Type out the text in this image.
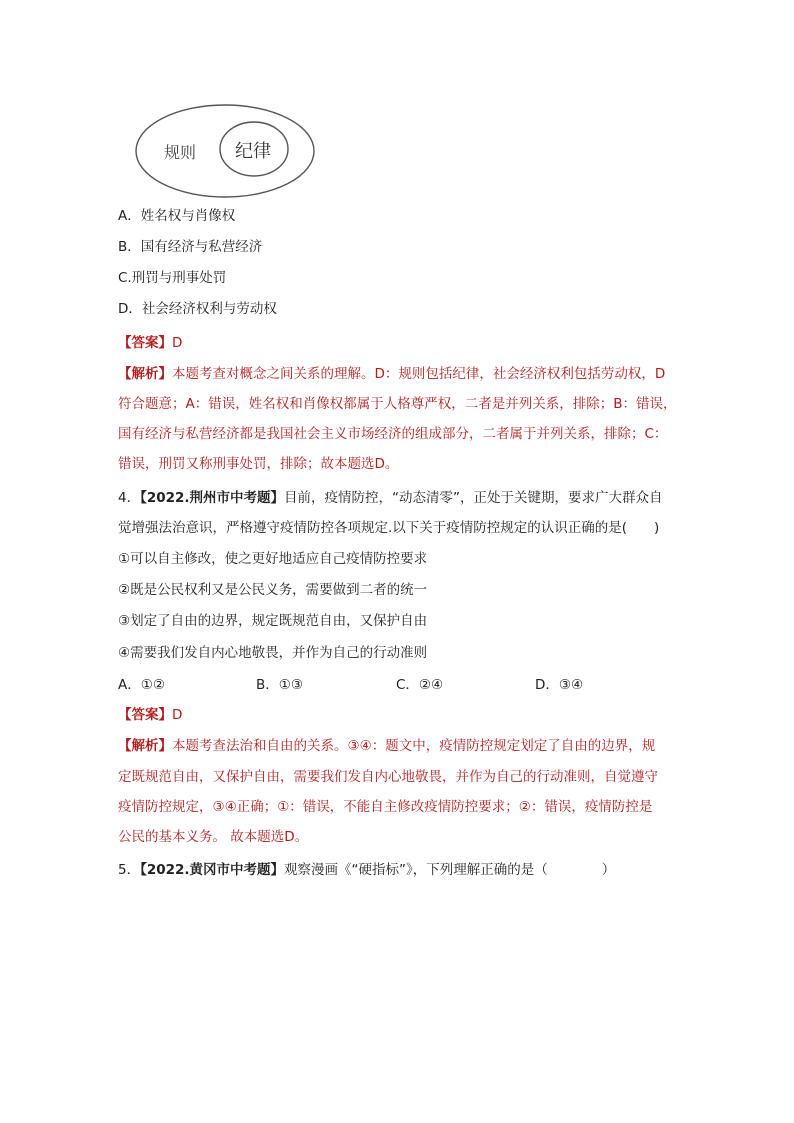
规则 纪律
A．姓名权与肖像权
B．国有经济与私营经济
C.刑罚与刑事处罚
D．社会经济权利与劳动权
【答案】D
【解析】本题考查对概念之间关系的理解。D：规则包括纪律，社会经济权利包括劳动权，D
符合题意；A：错误，姓名权和肖像权都属于人格尊严权，二者是并列关系，排除；B：错误，
国有经济与私营经济都是我国社会主义市场经济的组成部分，二者属于并列关系，排除；C：
错误，刑罚又称刑事处罚，排除；故本题选D。
4．【2022.荆州市中考题】目前，疫情防控，“动态清零”，正处于关键期，要求广大群众自
觉增强法治意识，严格遵守疫情防控各项规定.以下关于疫情防控规定的认识正确的是(　　)
①可以自主修改，使之更好地适应自己疫情防控要求
②既是公民权利又是公民义务，需要做到二者的统一
③划定了自由的边界，规定既规范自由，又保护自由
④需要我们发自内心地敬畏，并作为自己的行动准则
A．①②	B．①③	C．②④	D．③④
【答案】D
【解析】本题考查法治和自由的关系。③④：题文中，疫情防控规定划定了自由的边界，规
定既规范自由，又保护自由，需要我们发自内心地敬畏，并作为自己的行动准则，自觉遵守
疫情防控规定，③④正确；①：错误，不能自主修改疫情防控要求；②：错误，疫情防控是
公民的基本义务。 故本题选D。
5．【2022.黄冈市中考题】观察漫画《“硬指标”》，下列理解正确的是（　　　　）
